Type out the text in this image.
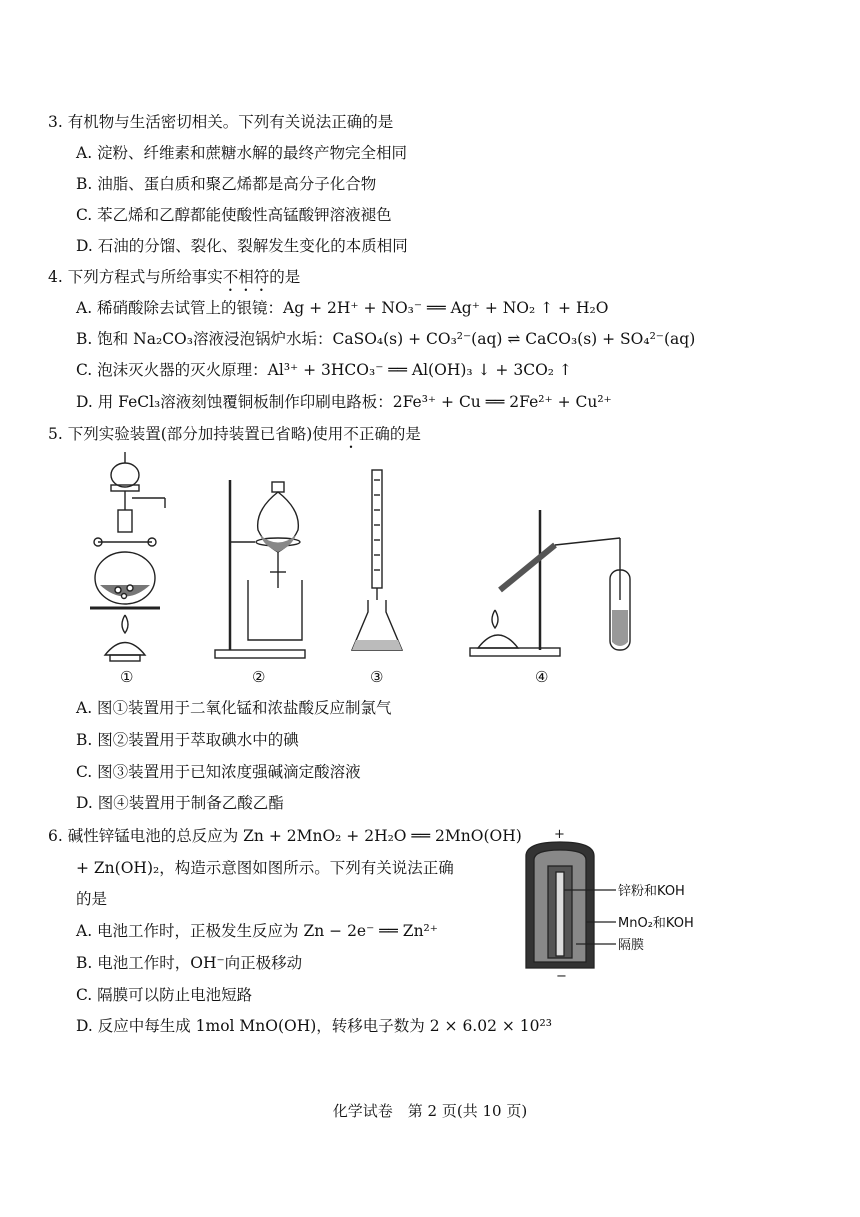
3. 有机物与生活密切相关。下列有关说法正确的是
A. 淀粉、纤维素和蔗糖水解的最终产物完全相同
B. 油脂、蛋白质和聚乙烯都是高分子化合物
C. 苯乙烯和乙醇都能使酸性高锰酸钾溶液褪色
D. 石油的分馏、裂化、裂解发生变化的本质相同
4. 下列方程式与所给事实不相符的是
A. 稀硝酸除去试管上的银镜：Ag + 2H⁺ + NO₃⁻ ══ Ag⁺ + NO₂ ↑ + H₂O
B. 饱和 Na₂CO₃溶液浸泡锅炉水垢：CaSO₄(s) + CO₃²⁻(aq) ⇌ CaCO₃(s) + SO₄²⁻(aq)
C. 泡沫灭火器的灭火原理：Al³⁺ + 3HCO₃⁻ ══ Al(OH)₃ ↓ + 3CO₂ ↑
D. 用 FeCl₃溶液刻蚀覆铜板制作印刷电路板：2Fe³⁺ + Cu ══ 2Fe²⁺ + Cu²⁺
5. 下列实验装置(部分加持装置已省略)使用不正确的是
①	②	③	④
A. 图①装置用于二氧化锰和浓盐酸反应制氯气
B. 图②装置用于萃取碘水中的碘
C. 图③装置用于已知浓度强碱滴定酸溶液
D. 图④装置用于制备乙酸乙酯
6. 碱性锌锰电池的总反应为 Zn + 2MnO₂ + 2H₂O ══ 2MnO(OH)
+ Zn(OH)₂，构造示意图如图所示。下列有关说法正确
的是
A. 电池工作时，正极发生反应为 Zn − 2e⁻ ══ Zn²⁺
B. 电池工作时，OH⁻向正极移动
C. 隔膜可以防止电池短路
D. 反应中每生成 1mol MnO(OH)，转移电子数为 2 × 6.02 × 10²³
+
−
锌粉和KOH
MnO₂和KOH
隔膜
化学试卷　第 2 页(共 10 页)
